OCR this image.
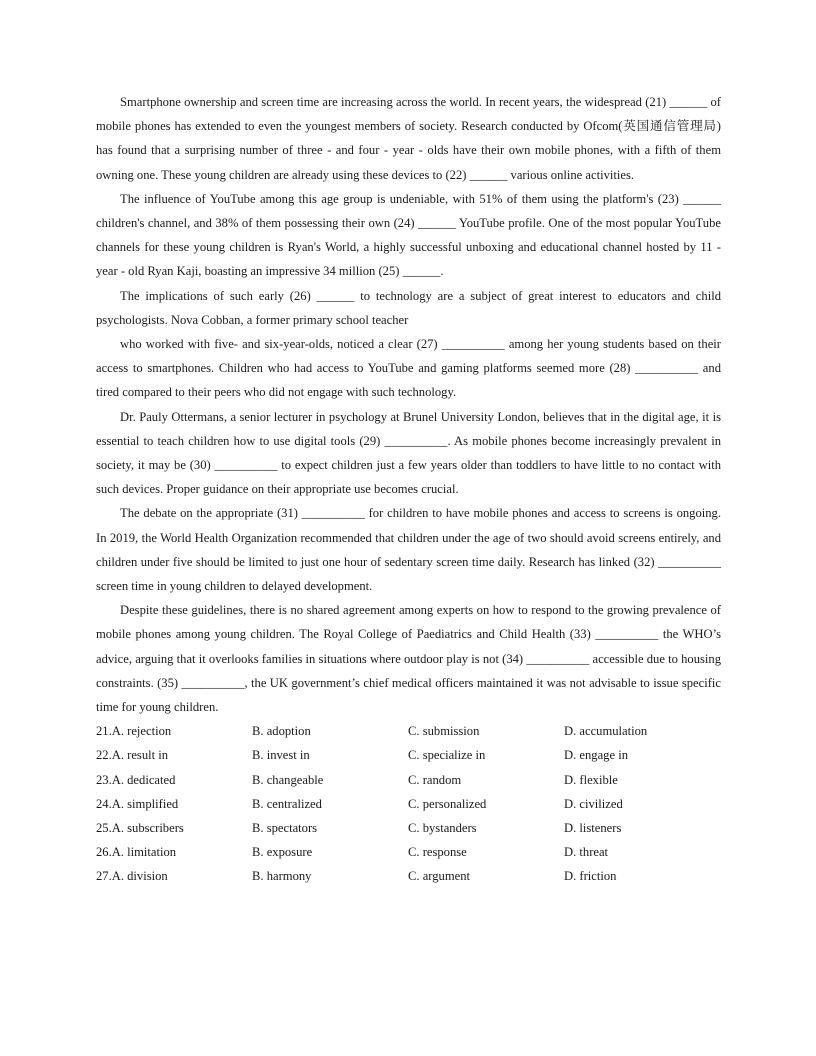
Smartphone ownership and screen time are increasing across the world. In recent years, the widespread (21) ______ of mobile phones has extended to even the youngest members of society. Research conducted by Ofcom(英国通信管理局) has found that a surprising number of three - and four - year - olds have their own mobile phones, with a fifth of them owning one. These young children are already using these devices to (22) ______ various online activities.

The influence of YouTube among this age group is undeniable, with 51% of them using the platform's (23) ______ children's channel, and 38% of them possessing their own (24) ______ YouTube profile. One of the most popular YouTube channels for these young children is Ryan's World, a highly successful unboxing and educational channel hosted by 11 - year - old Ryan Kaji, boasting an impressive 34 million (25) ______.

The implications of such early (26) ______ to technology are a subject of great interest to educators and child psychologists. Nova Cobban, a former primary school teacher

who worked with five- and six-year-olds, noticed a clear (27) __________ among her young students based on their access to smartphones. Children who had access to YouTube and gaming platforms seemed more (28) __________ and tired compared to their peers who did not engage with such technology.

Dr. Pauly Ottermans, a senior lecturer in psychology at Brunel University London, believes that in the digital age, it is essential to teach children how to use digital tools (29) __________. As mobile phones become increasingly prevalent in society, it may be (30) __________ to expect children just a few years older than toddlers to have little to no contact with such devices. Proper guidance on their appropriate use becomes crucial.

The debate on the appropriate (31) __________ for children to have mobile phones and access to screens is ongoing. In 2019, the World Health Organization recommended that children under the age of two should avoid screens entirely, and children under five should be limited to just one hour of sedentary screen time daily. Research has linked (32) __________ screen time in young children to delayed development.

Despite these guidelines, there is no shared agreement among experts on how to respond to the growing prevalence of mobile phones among young children. The Royal College of Paediatrics and Child Health (33) __________ the WHO’s advice, arguing that it overlooks families in situations where outdoor play is not (34) __________ accessible due to housing constraints. (35) __________, the UK government’s chief medical officers maintained it was not advisable to issue specific time for young children.

21.A. rejection	B. adoption	C. submission	D. accumulation
22.A. result in	B. invest in	C. specialize in	D. engage in
23.A. dedicated	B. changeable	C. random	D. flexible
24.A. simplified	B. centralized	C. personalized	D. civilized
25.A. subscribers	B. spectators	C. bystanders	D. listeners
26.A. limitation	B. exposure	C. response	D. threat
27.A. division	B. harmony	C. argument	D. friction
